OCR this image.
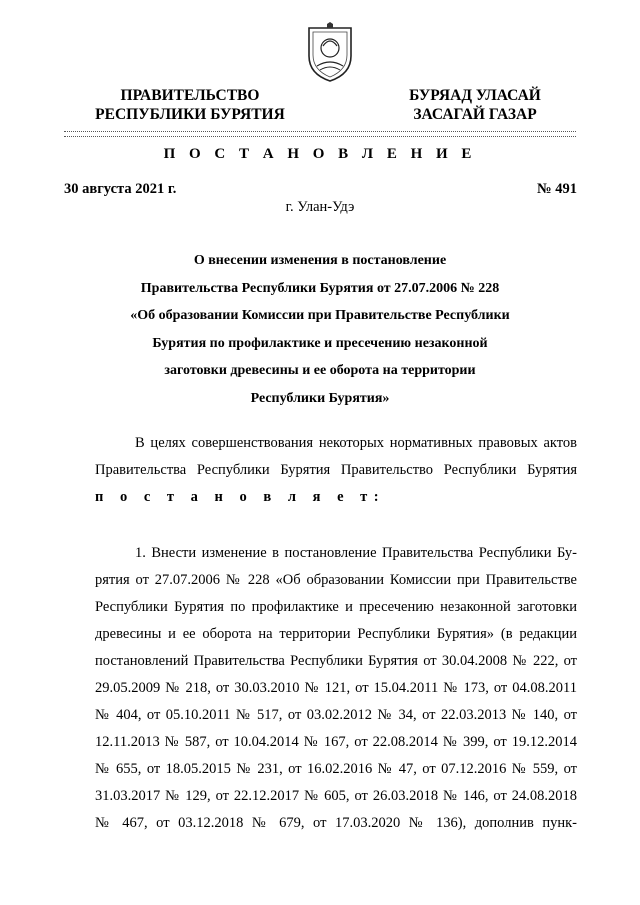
ПРАВИТЕЛЬСТВО
РЕСПУБЛИКИ БУРЯТИЯ
БУРЯАД УЛАСАЙ
ЗАСАГАЙ ГАЗАР
П О С Т А Н О В Л Е Н И Е
30 августа 2021 г.	№ 491
г. Улан-Удэ
О внесении изменения в постановление
Правительства Республики Бурятия от 27.07.2006 № 228
«Об образовании Комиссии при Правительстве Республики
Бурятия по профилактике и пресечению незаконной
заготовки древесины и ее оборота на территории
Республики Бурятия»
В целях совершенствования некоторых нормативных правовых актов
Правительства Республики Бурятия Правительство Республики Бурятия
п о с т а н о в л я е т:
1. Внести изменение в постановление Правительства Республики Бу-
рятия от 27.07.2006 № 228 «Об образовании Комиссии при Правительстве
Республики Бурятия по профилактике и пресечению незаконной заготовки
древесины и ее оборота на территории Республики Бурятия» (в редакции
постановлений Правительства Республики Бурятия от 30.04.2008 № 222, от
29.05.2009 № 218, от 30.03.2010 № 121, от 15.04.2011 № 173, от 04.08.2011
№ 404, от 05.10.2011 № 517, от 03.02.2012 № 34, от 22.03.2013 № 140, от
12.11.2013 № 587, от 10.04.2014 № 167, от 22.08.2014 № 399, от 19.12.2014
№ 655, от 18.05.2015 № 231, от 16.02.2016 № 47, от 07.12.2016 № 559, от
31.03.2017 № 129, от 22.12.2017 № 605, от 26.03.2018 № 146, от 24.08.2018
№ 467, от 03.12.2018 № 679, от 17.03.2020 № 136), дополнив пунк-
